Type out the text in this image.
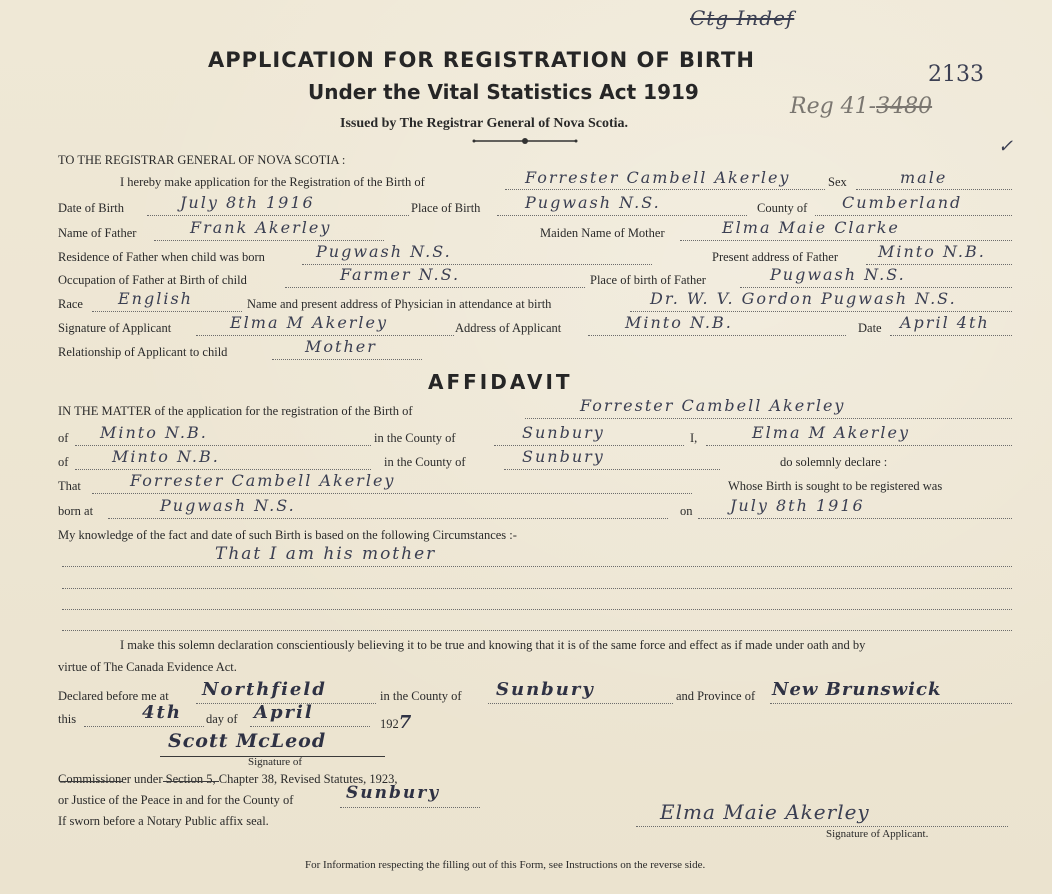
Ctg Indef
2133
Reg 41-3480
✓
APPLICATION FOR REGISTRATION OF BIRTH
Under the Vital Statistics Act 1919
Issued by The Registrar General of Nova Scotia.
TO THE REGISTRAR GENERAL OF NOVA SCOTIA :
I hereby make application for the Registration of the Birth of	Forrester Cambell Akerley	Sex	male
Date of Birth	July 8th 1916	Place of Birth	Pugwash N.S.	County of Cumberland
Name of Father	Frank Akerley	Maiden Name of Mother	Elma Maie Clarke
Residence of Father when child was born	Pugwash N.S.	Present address of Father Minto N.B.
Occupation of Father at Birth of child	Farmer N.S.	Place of birth of Father	Pugwash N.S.
Race English	Name and present address of Physician in attendance at birth	Dr. W. V. Gordon Pugwash N.S.
Signature of Applicant	Elma M Akerley	Address of Applicant	Minto N.B.	Date April 4th
Relationship of Applicant to child	Mother
AFFIDAVIT
IN THE MATTER of the application for the registration of the Birth of	Forrester Cambell Akerley
of Minto N.B.	in the County of	Sunbury	I,	Elma M Akerley
of	Minto N.B.	in the County of	Sunbury	do solemnly declare :
That	Forrester Cambell Akerley	Whose Birth is sought to be registered was
born at	Pugwash N.S.	on July 8th 1916
My knowledge of the fact and date of such Birth is based on the following Circumstances :-
That I am his mother
I make this solemn declaration conscientiously believing it to be true and knowing that it is of the same force and effect as if made under oath and by
virtue of The Canada Evidence Act.
Declared before me at Northfield	in the County of Sunbury	and Province of New Brunswick
this	4th day of April
1927
Scott McLeod
Signature of
Commissioner under Section 5, Chapter 38, Revised Statutes, 1923,
or Justice of the Peace in and for the County of	Sunbury
If sworn before a Notary Public affix seal.	Elma Maie Akerley
Signature of Applicant.
For Information respecting the filling out of this Form, see Instructions on the reverse side.
